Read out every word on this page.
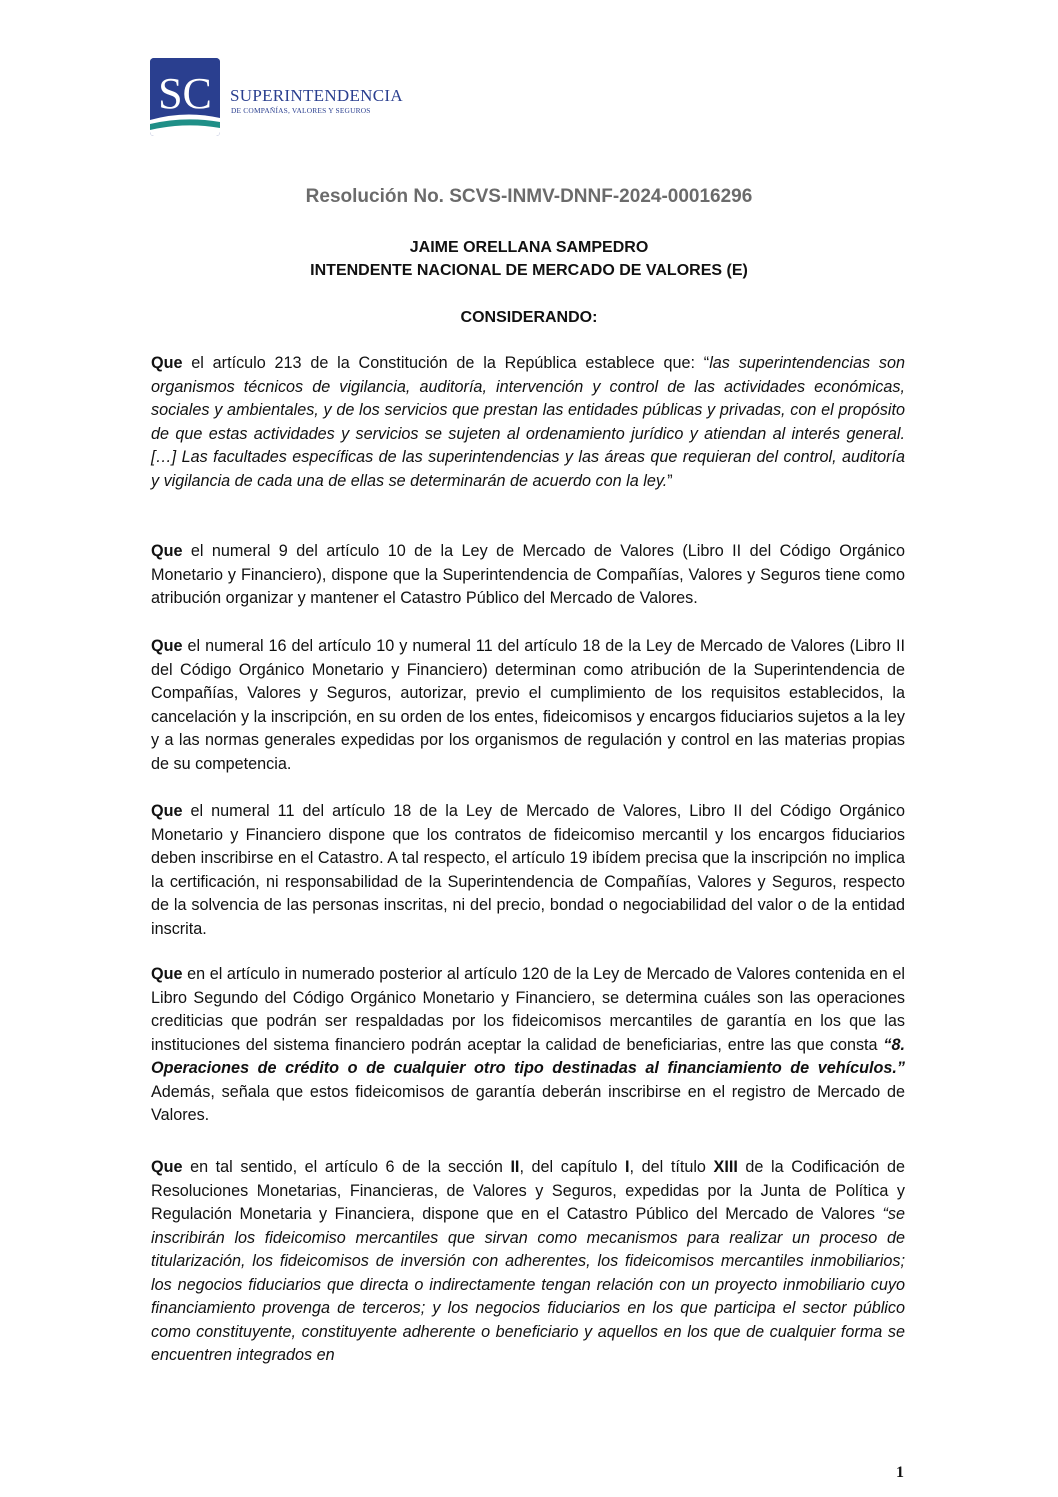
SC SUPERINTENDENCIA
DE COMPAÑÍAS, VALORES Y SEGUROS
Resolución No. SCVS-INMV-DNNF-2024-00016296
JAIME ORELLANA SAMPEDRO
INTENDENTE NACIONAL DE MERCADO DE VALORES (E)
CONSIDERANDO:

Que el artículo 213 de la Constitución de la República establece que: “las superintendencias son organismos técnicos de vigilancia, auditoría, intervención y control de las actividades económicas, sociales y ambientales, y de los servicios que prestan las entidades públicas y privadas, con el propósito de que estas actividades y servicios se sujeten al ordenamiento jurídico y atiendan al interés general. […] Las facultades específicas de las superintendencias y las áreas que requieran del control, auditoría y vigilancia de cada una de ellas se determinarán de acuerdo con la ley.”

Que el numeral 9 del artículo 10 de la Ley de Mercado de Valores (Libro II del Código Orgánico Monetario y Financiero), dispone que la Superintendencia de Compañías, Valores y Seguros tiene como atribución organizar y mantener el Catastro Público del Mercado de Valores.

Que el numeral 16 del artículo 10 y numeral 11 del artículo 18 de la Ley de Mercado de Valores (Libro II del Código Orgánico Monetario y Financiero) determinan como atribución de la Superintendencia de Compañías, Valores y Seguros, autorizar, previo el cumplimiento de los requisitos establecidos, la cancelación y la inscripción, en su orden de los entes, fideicomisos y encargos fiduciarios sujetos a la ley y a las normas generales expedidas por los organismos de regulación y control en las materias propias de su competencia.

Que el numeral 11 del artículo 18 de la Ley de Mercado de Valores, Libro II del Código Orgánico Monetario y Financiero dispone que los contratos de fideicomiso mercantil y los encargos fiduciarios deben inscribirse en el Catastro. A tal respecto, el artículo 19 ibídem precisa que la inscripción no implica la certificación, ni responsabilidad de la Superintendencia de Compañías, Valores y Seguros, respecto de la solvencia de las personas inscritas, ni del precio, bondad o negociabilidad del valor o de la entidad inscrita.

Que en el artículo in numerado posterior al artículo 120 de la Ley de Mercado de Valores contenida en el Libro Segundo del Código Orgánico Monetario y Financiero, se determina cuáles son las operaciones crediticias que podrán ser respaldadas por los fideicomisos mercantiles de garantía en los que las instituciones del sistema financiero podrán aceptar la calidad de beneficiarias, entre las que consta “8. Operaciones de crédito o de cualquier otro tipo destinadas al financiamiento de vehículos.” Además, señala que estos fideicomisos de garantía deberán inscribirse en el registro de Mercado de Valores.

Que en tal sentido, el artículo 6 de la sección II, del capítulo I, del título XIII de la Codificación de Resoluciones Monetarias, Financieras, de Valores y Seguros, expedidas por la Junta de Política y Regulación Monetaria y Financiera, dispone que en el Catastro Público del Mercado de Valores “se inscribirán los fideicomiso mercantiles que sirvan como mecanismos para realizar un proceso de titularización, los fideicomisos de inversión con adherentes, los fideicomisos mercantiles inmobiliarios; los negocios fiduciarios que directa o indirectamente tengan relación con un proyecto inmobiliario cuyo financiamiento provenga de terceros; y los negocios fiduciarios en los que participa el sector público como constituyente, constituyente adherente o beneficiario y aquellos en los que de cualquier forma se encuentren integrados en

1
